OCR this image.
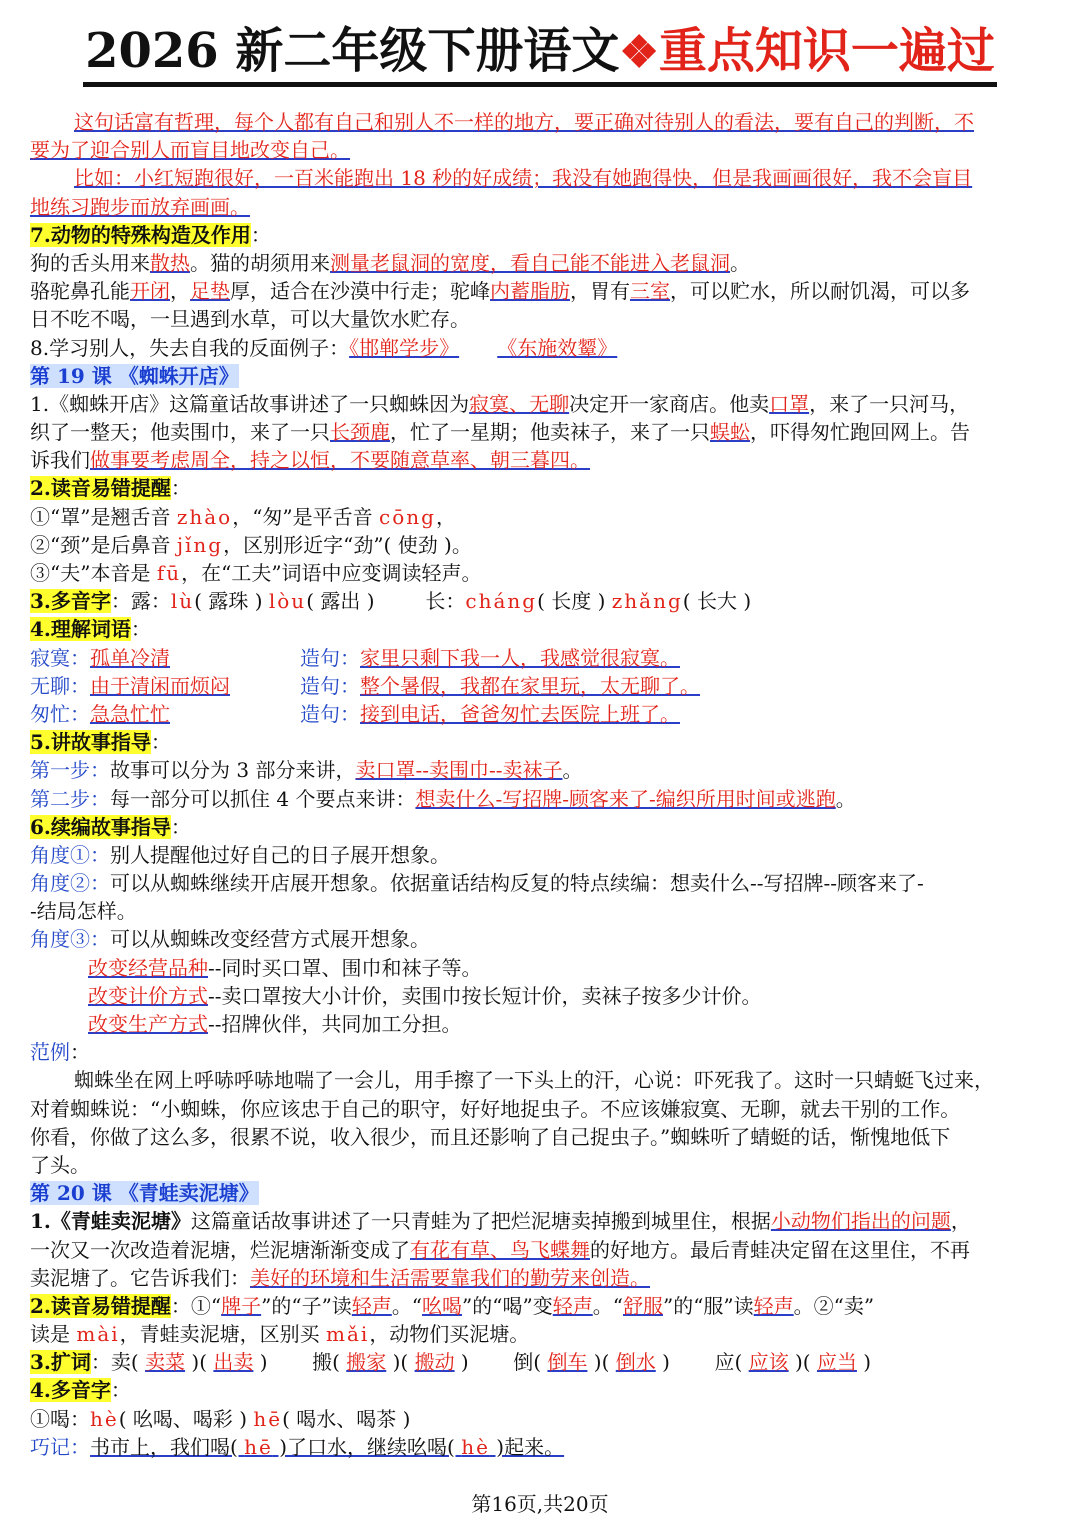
2026 新二年级下册语文❖重点知识一遍过
这句话富有哲理，每个人都有自己和别人不一样的地方，要正确对待别人的看法，要有自己的判断，不
要为了迎合别人而盲目地改变自己。
比如：小红短跑很好，一百米能跑出 18 秒的好成绩；我没有她跑得快，但是我画画很好，我不会盲目
地练习跑步而放弃画画。
7.动物的特殊构造及作用：
狗的舌头用来散热。猫的胡须用来测量老鼠洞的宽度，看自己能不能进入老鼠洞。
骆驼鼻孔能开闭，足垫厚，适合在沙漠中行走；驼峰内蓄脂肪，胃有三室，可以贮水，所以耐饥渴，可以多
日不吃不喝，一旦遇到水草，可以大量饮水贮存。
8.学习别人，失去自我的反面例子：《邯郸学步》 《东施效颦》
第 19 课 《蜘蛛开店》
1.《蜘蛛开店》这篇童话故事讲述了一只蜘蛛因为寂寞、无聊决定开一家商店。他卖口罩，来了一只河马，
织了一整天；他卖围巾，来了一只长颈鹿，忙了一星期；他卖袜子，来了一只蜈蚣，吓得匆忙跑回网上。告
诉我们做事要考虑周全，持之以恒，不要随意草率、朝三暮四。
2.读音易错提醒：
①“罩”是翘舌音 zhào，“匆”是平舌音 cōng，
②“颈”是后鼻音 jǐng，区别形近字“劲”( 使劲 )。
③“夫”本音是 fū，在“工夫”词语中应变调读轻声。
3.多音字：露：lù( 露珠 ) lòu( 露出 )	长：cháng( 长度 ) zhǎng( 长大 )
4.理解词语：
寂寞：孤单冷清	造句：家里只剩下我一人，我感觉很寂寞。
无聊：由于清闲而烦闷	造句：整个暑假，我都在家里玩，太无聊了。
匆忙：急急忙忙	造句：接到电话，爸爸匆忙去医院上班了。
5.讲故事指导：
第一步：故事可以分为 3 部分来讲，卖口罩--卖围巾--卖袜子。
第二步：每一部分可以抓住 4 个要点来讲：想卖什么-写招牌-顾客来了-编织所用时间或逃跑。
6.续编故事指导：
角度①：别人提醒他过好自己的日子展开想象。
角度②：可以从蜘蛛继续开店展开想象。依据童话结构反复的特点续编：想卖什么--写招牌--顾客来了-
-结局怎样。
角度③：可以从蜘蛛改变经营方式展开想象。
改变经营品种--同时买口罩、围巾和袜子等。
改变计价方式--卖口罩按大小计价，卖围巾按长短计价，卖袜子按多少计价。
改变生产方式--招牌伙伴，共同加工分担。
范例：
蜘蛛坐在网上呼哧呼哧地喘了一会儿，用手擦了一下头上的汗，心说：吓死我了。这时一只蜻蜓飞过来，
对着蜘蛛说：“小蜘蛛，你应该忠于自己的职守，好好地捉虫子。不应该嫌寂寞、无聊，就去干别的工作。
你看，你做了这么多，很累不说，收入很少，而且还影响了自己捉虫子。”蜘蛛听了蜻蜓的话，惭愧地低下
了头。
第 20 课 《青蛙卖泥塘》
1.《青蛙卖泥塘》这篇童话故事讲述了一只青蛙为了把烂泥塘卖掉搬到城里住，根据小动物们指出的问题，
一次又一次改造着泥塘，烂泥塘渐渐变成了有花有草、鸟飞蝶舞的好地方。最后青蛙决定留在这里住，不再
卖泥塘了。它告诉我们：美好的环境和生活需要靠我们的勤劳来创造。
2.读音易错提醒：①“牌子”的“子”读轻声。“吆喝”的“喝”变轻声。“舒服”的“服”读轻声。②“卖”
读是 mài，青蛙卖泥塘，区别买 mǎi，动物们买泥塘。
3.扩词：卖( 卖菜 )( 出卖 ) 搬( 搬家 )( 搬动 ) 倒( 倒车 )( 倒水 ) 应( 应该 )( 应当 )
4.多音字：
①喝：hè( 吆喝、喝彩 ) hē( 喝水、喝茶 )
巧记：书市上，我们喝( hē )了口水，继续吆喝( hè )起来。
第16页,共20页
